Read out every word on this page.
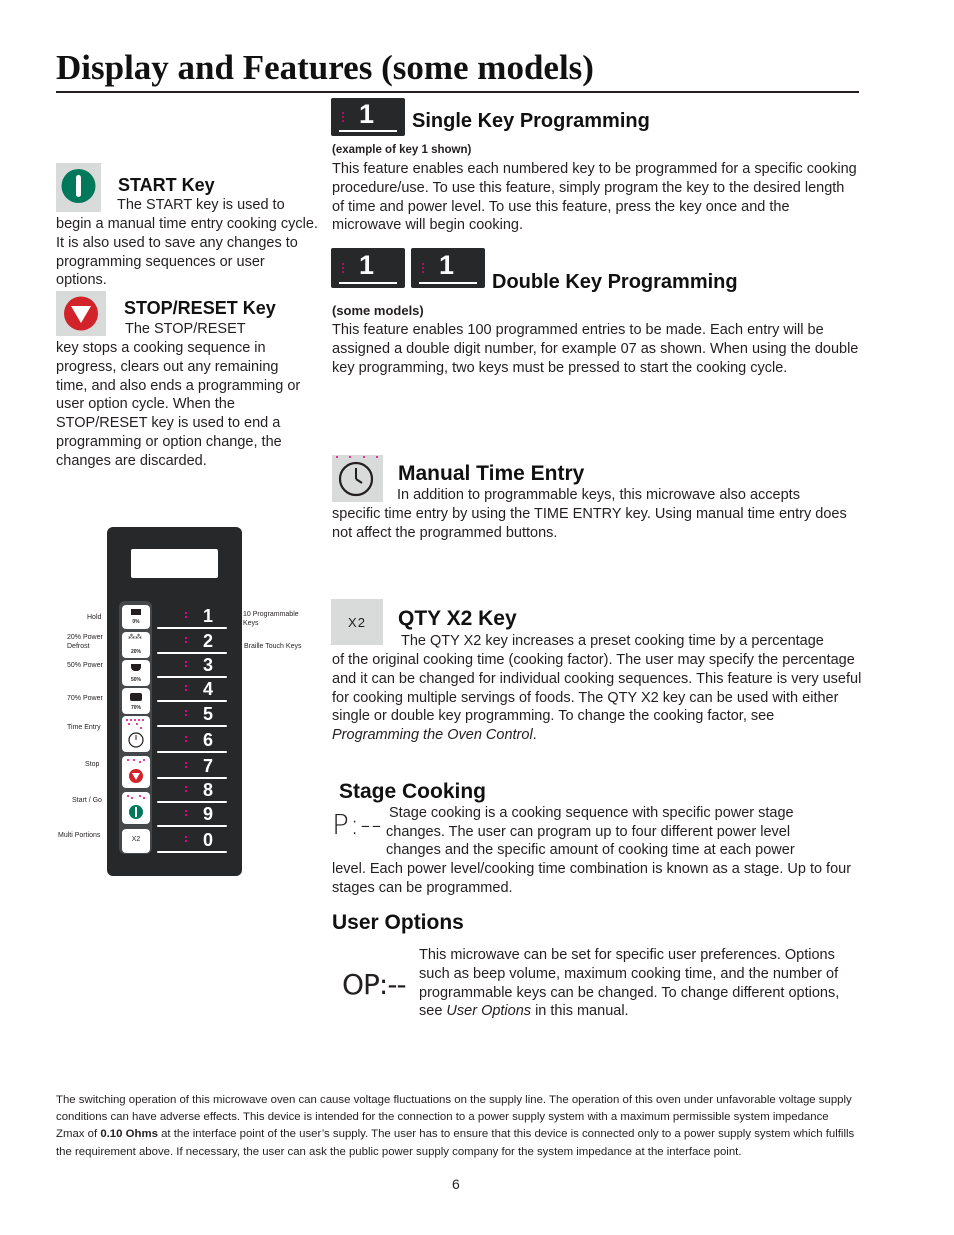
Display and Features (some models)
START Key
The START key is used to
begin a manual time entry cooking cycle. It is also used to save any changes to programming sequences or user options.
STOP/RESET Key
The STOP/RESET
key stops a cooking sequence in progress, clears out any remaining time, and also ends a programming or user option cycle. When the STOP/RESET key is used to end a programming or option change, the changes are discarded.
1 Single Key Programming
(example of key 1 shown)
This feature enables each numbered key to be programmed for a specific cooking procedure/use. To use this feature, simply program the key to the desired length of time and power level. To use this feature, press the key once and the microwave will begin cooking.
1 1
Double Key Programming
(some models)
This feature enables 100 programmed entries to be made. Each entry will be assigned a double digit number, for example 07 as shown. When using the double key programming, two keys must be pressed to start the cooking cycle.
Manual Time Entry
In addition to programmable keys, this microwave also accepts
specific time entry by using the TIME ENTRY key. Using manual time entry does not affect the programmed buttons.
X2	QTY X2 Key
The QTY X2 key increases a preset cooking time by a percentage
of the original cooking time (cooking factor). The user may specify the percentage and it can be changed for individual cooking sequences. This feature is very useful for cooking multiple servings of foods. The QTY X2 key can be used with either single or double key programming. To change the cooking factor, see Programming the Oven Control.
Stage Cooking
P:-- Stage cooking is a cooking sequence with specific power stage
changes. The user can program up to four different power level
changes and the specific amount of cooking time at each power
level. Each power level/cooking time combination is known as a stage. Up to four stages can be programmed.
User Options
OP:--
This microwave can be set for specific user preferences. Options such as beep volume, maximum cooking time, and the number of programmable keys can be changed. To change different options, see User Options in this manual.
Hold
20% Power Defrost
50% Power
70% Power
Time Entry
Stop
Start / Go
Multi Portions
10 Programmable Keys
Braille Touch Keys
0%
⁂⁂
20%
50%
70%
X2
1
2
3
4
5
6
7
8
9
0
The switching operation of this microwave oven can cause voltage fluctuations on the supply line. The operation of this oven under unfavorable voltage supply conditions can have adverse effects. This device is intended for the connection to a power supply system with a maximum permissible system impedance Zmax of 0.10 Ohms at the interface point of the user’s supply. The user has to ensure that this device is connected only to a power supply system which fulfills the requirement above. If necessary, the user can ask the public power supply company for the system impedance at the interface point.
6
